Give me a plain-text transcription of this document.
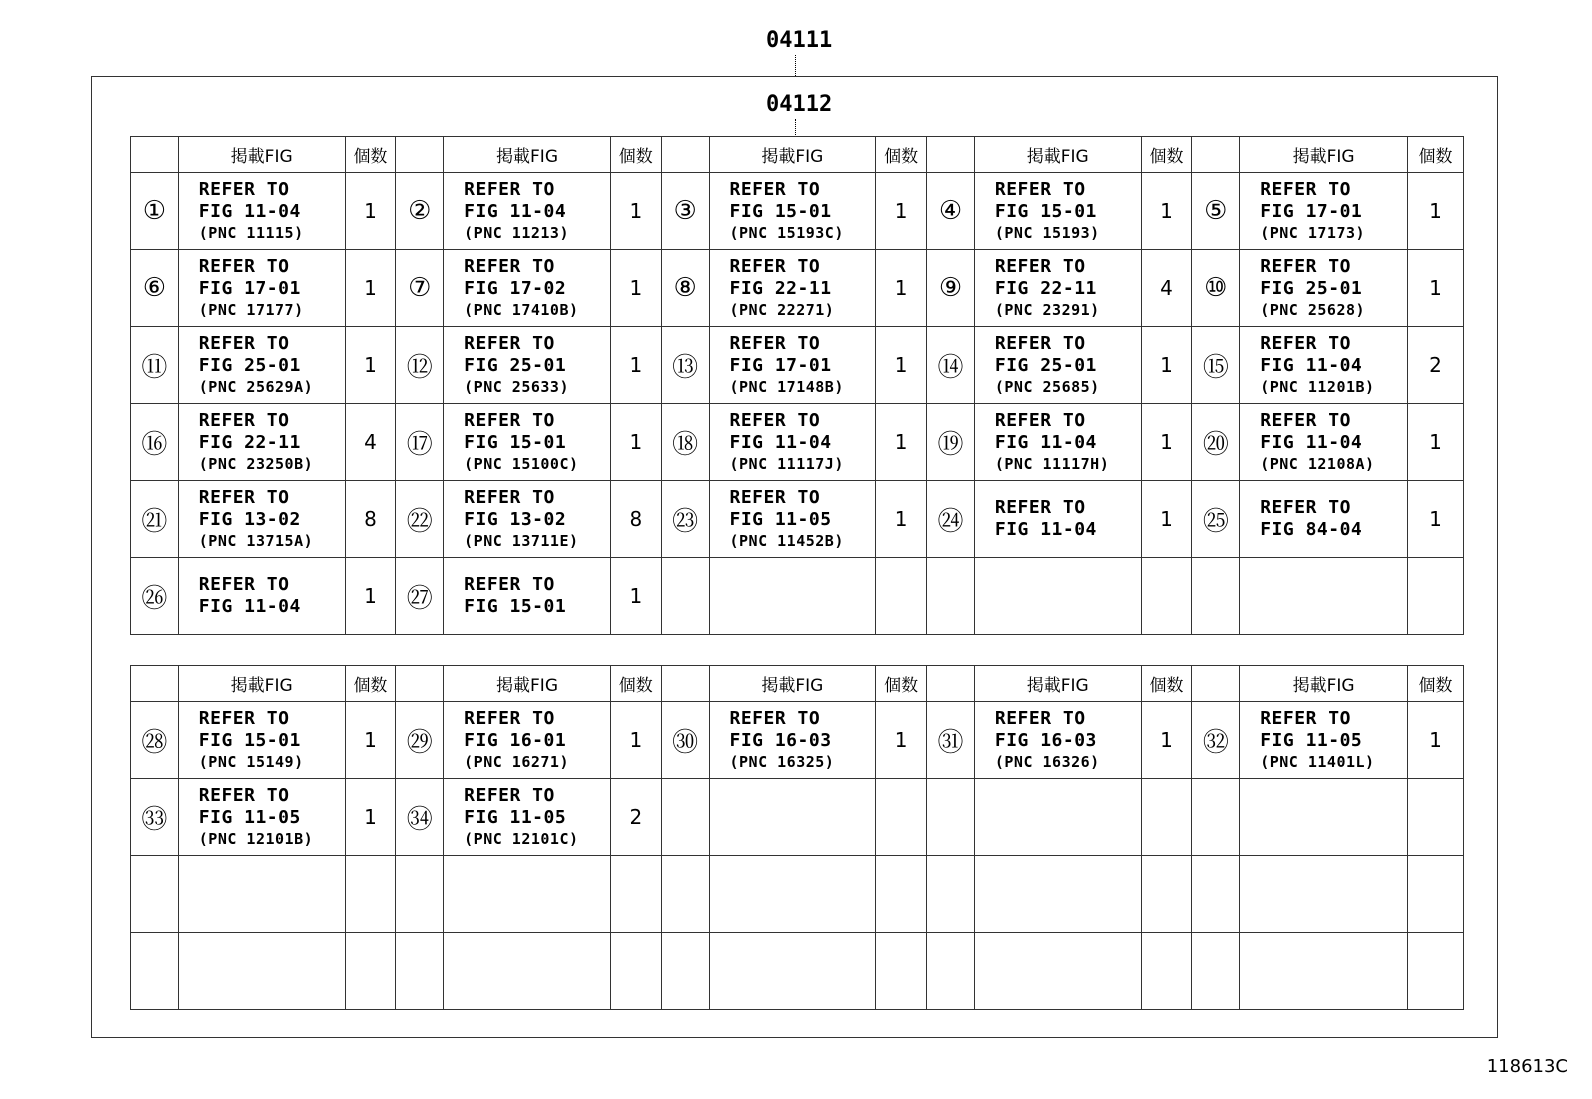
04111
04112
	掲載FIG	個数		掲載FIG	個数		掲載FIG	個数		掲載FIG	個数		掲載FIG	個数
①	REFER TO
FIG 11-04
(PNC 11115)	1	②	REFER TO
FIG 11-04
(PNC 11213)	1	③	REFER TO
FIG 15-01
(PNC 15193C)	1	④	REFER TO
FIG 15-01
(PNC 15193)	1	⑤	REFER TO
FIG 17-01
(PNC 17173)	1
⑥	REFER TO
FIG 17-01
(PNC 17177)	1	⑦	REFER TO
FIG 17-02
(PNC 17410B)	1	⑧	REFER TO
FIG 22-11
(PNC 22271)	1	⑨	REFER TO
FIG 22-11
(PNC 23291)	4	⑩	REFER TO
FIG 25-01
(PNC 25628)	1
⑪	REFER TO
FIG 25-01
(PNC 25629A)	1	⑫	REFER TO
FIG 25-01
(PNC 25633)	1	⑬	REFER TO
FIG 17-01
(PNC 17148B)	1	⑭	REFER TO
FIG 25-01
(PNC 25685)	1	⑮	REFER TO
FIG 11-04
(PNC 11201B)	2
⑯	REFER TO
FIG 22-11
(PNC 23250B)	4	⑰	REFER TO
FIG 15-01
(PNC 15100C)	1	⑱	REFER TO
FIG 11-04
(PNC 11117J)	1	⑲	REFER TO
FIG 11-04
(PNC 11117H)	1	⑳	REFER TO
FIG 11-04
(PNC 12108A)	1
㉑	REFER TO
FIG 13-02
(PNC 13715A)	8	㉒	REFER TO
FIG 13-02
(PNC 13711E)	8	㉓	REFER TO
FIG 11-05
(PNC 11452B)	1	㉔	REFER TO
FIG 11-04	1	㉕	REFER TO
FIG 84-04	1
㉖	REFER TO
FIG 11-04	1	㉗	REFER TO
FIG 15-01	1		

	掲載FIG	個数		掲載FIG	個数		掲載FIG	個数		掲載FIG	個数		掲載FIG	個数
㉘	REFER TO
FIG 15-01
(PNC 15149)	1	㉙	REFER TO
FIG 16-01
(PNC 16271)	1	㉚	REFER TO
FIG 16-03
(PNC 16325)	1	㉛	REFER TO
FIG 16-03
(PNC 16326)	1	㉜	REFER TO
FIG 11-05
(PNC 11401L)	1
㉝	REFER TO
FIG 11-05
(PNC 12101B)	1	㉞	REFER TO
FIG 11-05
(PNC 12101C)	2		

118613C
